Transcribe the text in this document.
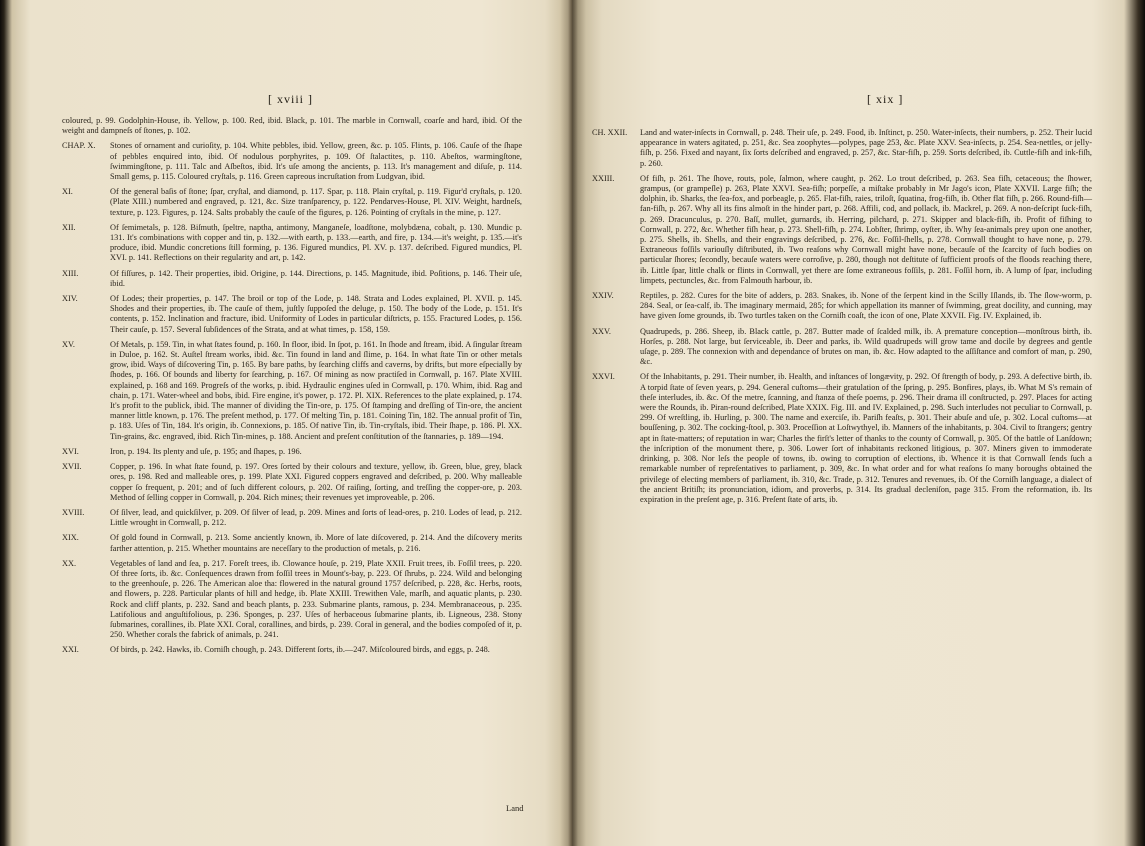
[ xviii ]
coloured, p. 99. Godolphin-House, ib. Yellow, p. 100. Red, ibid. Black, p. 101. The marble in Cornwall, coarſe and hard, ibid. Of the weight and dampneſs of ſtones, p. 102.
CHAP. X.	Stones of ornament and curioſity, p. 104. White pebbles, ibid. Yellow, green, &c. p. 105. Flints, p. 106. Cauſe of the ſhape of pebbles enquired into, ibid. Of nodulous porphyrites, p. 109. Of ſtalactites, p. 110. Abeſtos, warmingſtone, ſwimmingſtone, p. 111. Talc and Aſbeſtos, ibid. It's uſe among the ancients, p. 113. It's management and diſuſe, p. 114. Small gems, p. 115. Coloured cryſtals, p. 116. Green capreous incruſtation from Ludgvan, ibid.
XI.	Of the general baſis of ſtone; ſpar, cryſtal, and diamond, p. 117. Spar, p. 118. Plain cryſtal, p. 119. Figur'd cryſtals, p. 120. (Plate XIII.) numbered and engraved, p. 121, &c. Size tranſparency, p. 122. Pendarves-House, Pl. XIV. Weight, hardneſs, texture, p. 123. Figures, p. 124. Salts probably the cauſe of the figures, p. 126. Pointing of cryſtals in the mine, p. 127.
XII.	Of ſemimetals, p. 128. Biſmuth, ſpeltre, naptha, antimony, Manganeſe, loadſtone, molybdæna, cobalt, p. 130. Mundic p. 131. It's combinations with copper and tin, p. 132.—with earth, p. 133.—earth, and fire, p. 134.—it's weight, p. 135.—it's produce, ibid. Mundic concretions ſtill forming, p. 136. Figured mundics, Pl. XV. p. 137. deſcribed. Figured mundics, Pl. XVI. p. 141. Reflections on their regularity and art, p. 142.
XIII.	Of fiſſures, p. 142. Their properties, ibid. Origine, p. 144. Directions, p. 145. Magnitude, ibid. Poſitions, p. 146. Their uſe, ibid.
XIV.	Of Lodes; their properties, p. 147. The broil or top of the Lode, p. 148. Strata and Lodes explained, Pl. XVII. p. 145. Shodes and their properties, ib. The cauſe of them, juſtly ſuppoſed the deluge, p. 150. The body of the Lode, p. 151. It's contents, p. 152. Inclination and fracture, ibid. Uniformity of Lodes in particular diſtricts, p. 155. Fractured Lodes, p. 156. Their cauſe, p. 157. Several ſubſidences of the Strata, and at what times, p. 158, 159.
XV.	Of Metals, p. 159. Tin, in what ſtates found, p. 160. In floor, ibid. In ſpot, p. 161. In ſhode and ſtream, ibid. A ſingular ſtream in Duloe, p. 162. St. Auſtel ſtream works, ibid. &c. Tin found in land and ſlime, p. 164. In what ſtate Tin or other metals grow, ibid. Ways of diſcovering Tin, p. 165. By bare paths, by ſearching cliffs and caverns, by drifts, but more eſpecially by ſhodes, p. 166. Of bounds and liberty for ſearching, p. 167. Of mining as now practiſed in Cornwall, p. 167. Plate XVIII. explained, p. 168 and 169. Progreſs of the works, p. ibid. Hydraulic engines uſed in Cornwall, p. 170. Whim, ibid. Rag and chain, p. 171. Water-wheel and bobs, ibid. Fire engine, it's power, p. 172. Pl. XIX. References to the plate explained, p. 174. It's profit to the publick, ibid. The manner of dividing the Tin-ore, p. 175. Of ſtamping and dreſſing of Tin-ore, the ancient manner little known, p. 176. The preſent method, p. 177. Of melting Tin, p. 181. Coining Tin, 182. The annual profit of Tin, p. 183. Uſes of Tin, 184. It's origin, ib. Connexions, p. 185. Of native Tin, ib. Tin-cryſtals, ibid. Their ſhape, p. 186. Pl. XX. Tin-grains, &c. engraved, ibid. Rich Tin-mines, p. 188. Ancient and preſent conſtitution of the ſtannaries, p. 189—194.
XVI.	Iron, p. 194. Its plenty and uſe, p. 195; and ſhapes, p. 196.
XVII.	Copper, p. 196. In what ſtate found, p. 197. Ores ſorted by their colours and texture, yellow, ib. Green, blue, grey, black ores, p. 198. Red and malleable ores, p. 199. Plate XXI. Figured coppers engraved and deſcribed, p. 200. Why malleable copper ſo frequent, p. 201; and of ſuch different colours, p. 202. Of raiſing, ſorting, and treſſing the copper-ore, p. 203. Method of ſelling copper in Cornwall, p. 204. Rich mines; their revenues yet improveable, p. 206.
XVIII.	Of ſilver, lead, and quickſilver, p. 209. Of ſilver of lead, p. 209. Mines and ſorts of lead-ores, p. 210. Lodes of lead, p. 212. Little wrought in Cornwall, p. 212.
XIX.	Of gold found in Cornwall, p. 213. Some anciently known, ib. More of late diſcovered, p. 214. And the diſcovery merits farther attention, p. 215. Whether mountains are neceſſary to the production of metals, p. 216.
XX.	Vegetables of land and ſea, p. 217. Foreſt trees, ib. Clowance houſe, p. 219, Plate XXII. Fruit trees, ib. Foſſil trees, p. 220. Of three ſorts, ib. &c. Conſequences drawn from foſſil trees in Mount's-bay, p. 223. Of ſhrubs, p. 224. Wild and belonging to the greenhouſe, p. 226. The American aloe tha: flowered in the natural ground 1757 deſcribed, p. 228, &c. Herbs, roots, and flowers, p. 228. Particular plants of hill and hedge, ib. Plate XXIII. Trewithen Vale, marſh, and aquatic plants, p. 230. Rock and cliff plants, p. 232. Sand and beach plants, p. 233. Submarine plants, ramous, p. 234. Membranaceous, p. 235. Latifolious and anguſtifolious, p. 236. Sponges, p. 237. Uſes of herbaceous ſubmarine plants, ib. Ligneous, 238. Stony ſubmarines, corallines, ib. Plate XXI. Coral, corallines, and birds, p. 239. Coral in general, and the bodies compoſed of it, p. 250. Whether corals the fabrick of animals, p. 241.
XXI.	Of birds, p. 242. Hawks, ib. Corniſh chough, p. 243. Different ſorts, ib.—247. Miſcoloured birds, and eggs, p. 248.
Land
[ xix ]
CH. XXII.	Land and water-inſects in Cornwall, p. 248. Their uſe, p. 249. Food, ib. Inſtinct, p. 250. Water-inſects, their numbers, p. 252. Their lucid appearance in waters agitated, p. 251, &c. Sea zoophytes—polypes, page 253, &c. Plate XXV. Sea-inſects, p. 254. Sea-nettles, or jelly-fiſh, p. 256. Fixed and nayant, ſix ſorts deſcribed and engraved, p. 257, &c. Star-fiſh, p. 259. Sorts deſcribed, ib. Cuttle-fiſh and ink-fiſh, p. 260.
XXIII.	Of fiſh, p. 261. The ſhove, routs, pole, ſalmon, where caught, p. 262. Lo trout deſcribed, p. 263. Sea fiſh, cetaceous; the ſhower, grampus, (or grampeſle) p. 263, Plate XXVI. Sea-fiſh; porpeſſe, a miſtake probably in Mr Jago's icon, Plate XXVII. Large fiſh; the dolphin, ib. Sharks, the ſea-fox, and porbeagle, p. 265. Flat-fiſh, raies, triloſt, ſquatina, frog-fiſh, ib. Other flat fiſh, p. 266. Round-fiſh—fan-fiſh, p. 267. Why all its fins almoſt in the hinder part, p. 268. Affili, cod, and pollack, ib. Mackrel, p. 269. A non-deſcript ſuck-fiſh, p. 269. Dracunculus, p. 270. Baſſ, mullet, gurnards, ib. Herring, pilchard, p. 271. Skipper and black-fiſh, ib. Profit of fiſhing to Cornwall, p. 272, &c. Whether fiſh hear, p. 273. Shell-fiſh, p. 274. Lobſter, ſhrimp, oyſter, ib. Why ſea-animals prey upon one another, p. 275. Shells, ib. Shells, and their engravings deſcribed, p. 276, &c. Foſſil-ſhells, p. 278. Cornwall thought to have none, p. 279. Extraneous foſſils variouſly diſtributed, ib. Two reaſons why Cornwall might have none, becauſe of the ſcarcity of ſuch bodies on particular ſhores; ſecondly, becauſe waters were corroſive, p. 280, though not deſtitute of ſufficient proofs of the floods reaching there, ib. Little ſpar, little chalk or flints in Cornwall, yet there are ſome extraneous foſſils, p. 281. Foſſil horn, ib. A lump of ſpar, including limpets, pectuncles, &c. from Falmouth harbour, ib.
XXIV.	Reptiles, p. 282. Cures for the bite of adders, p. 283. Snakes, ib. None of the ſerpent kind in the Scilly Iſlands, ib. The ſlow-worm, p. 284. Seal, or ſea-calf, ib. The imaginary mermaid, 285; for which appellation its manner of ſwimming, great docility, and cunning, may have given ſome grounds, ib. Two turtles taken on the Corniſh coaſt, the icon of one, Plate XXVII. Fig. IV. Explained, ib.
XXV.	Quadrupeds, p. 286. Sheep, ib. Black cattle, p. 287. Butter made of ſcalded milk, ib. A premature conception—monſtrous birth, ib. Horſes, p. 288. Not large, but ſerviceable, ib. Deer and parks, ib. Wild quadrupeds will grow tame and docile by degrees and gentle uſage, p. 289. The connexion with and dependance of brutes on man, ib. &c. How adapted to the aſſiſtance and comfort of man, p. 290, &c.
XXVI.	Of the Inhabitants, p. 291. Their number, ib. Health, and inſtances of longævity, p. 292. Of ſtrength of body, p. 293. A defective birth, ib. A torpid ſtate of ſeven years, p. 294. General cuſtoms—their gratulation of the ſpring, p. 295. Bonfires, plays, ib. What M S's remain of theſe interludes, ib. &c. Of the metre, ſcanning, and ſtanza of theſe poems, p. 296. Their drama ill conſtructed, p. 297. Places for acting were the Rounds, ib. Piran-round deſcribed, Plate XXIX. Fig. III. and IV. Explained, p. 298. Such interludes not peculiar to Cornwall, p. 299. Of wreſtling, ib. Hurling, p. 300. The name and exerciſe, ib. Pariſh feaſts, p. 301. Their abuſe and uſe, p. 302. Local cuſtoms—at bouſſening, p. 302. The cocking-ſtool, p. 303. Proceſſion at Loſtwythyel, ib. Manners of the inhabitants, p. 304. Civil to ſtrangers; gentry apt in ſtate-matters; of reputation in war; Charles the firſt's letter of thanks to the county of Cornwall, p. 305. Of the battle of Lanſdown; the inſcription of the monument there, p. 306. Lower ſort of inhabitants reckoned litigious, p. 307. Miners given to immoderate drinking, p. 308. Nor leſs the people of towns, ib. owing to corruption of elections, ib. Whence it is that Cornwall ſends ſuch a remarkable number of repreſentatives to parliament, p. 309, &c. In what order and for what reaſons ſo many boroughs obtained the privilege of electing members of parliament, ib. 310, &c. Trade, p. 312. Tenures and revenues, ib. Of the Corniſh language, a dialect of the ancient Britiſh; its pronunciation, idiom, and proverbs, p. 314. Its gradual decleniſon, page 315. From the reformation, ib. Its expiration in the preſent age, p. 316. Preſent ſtate of arts, ib.
